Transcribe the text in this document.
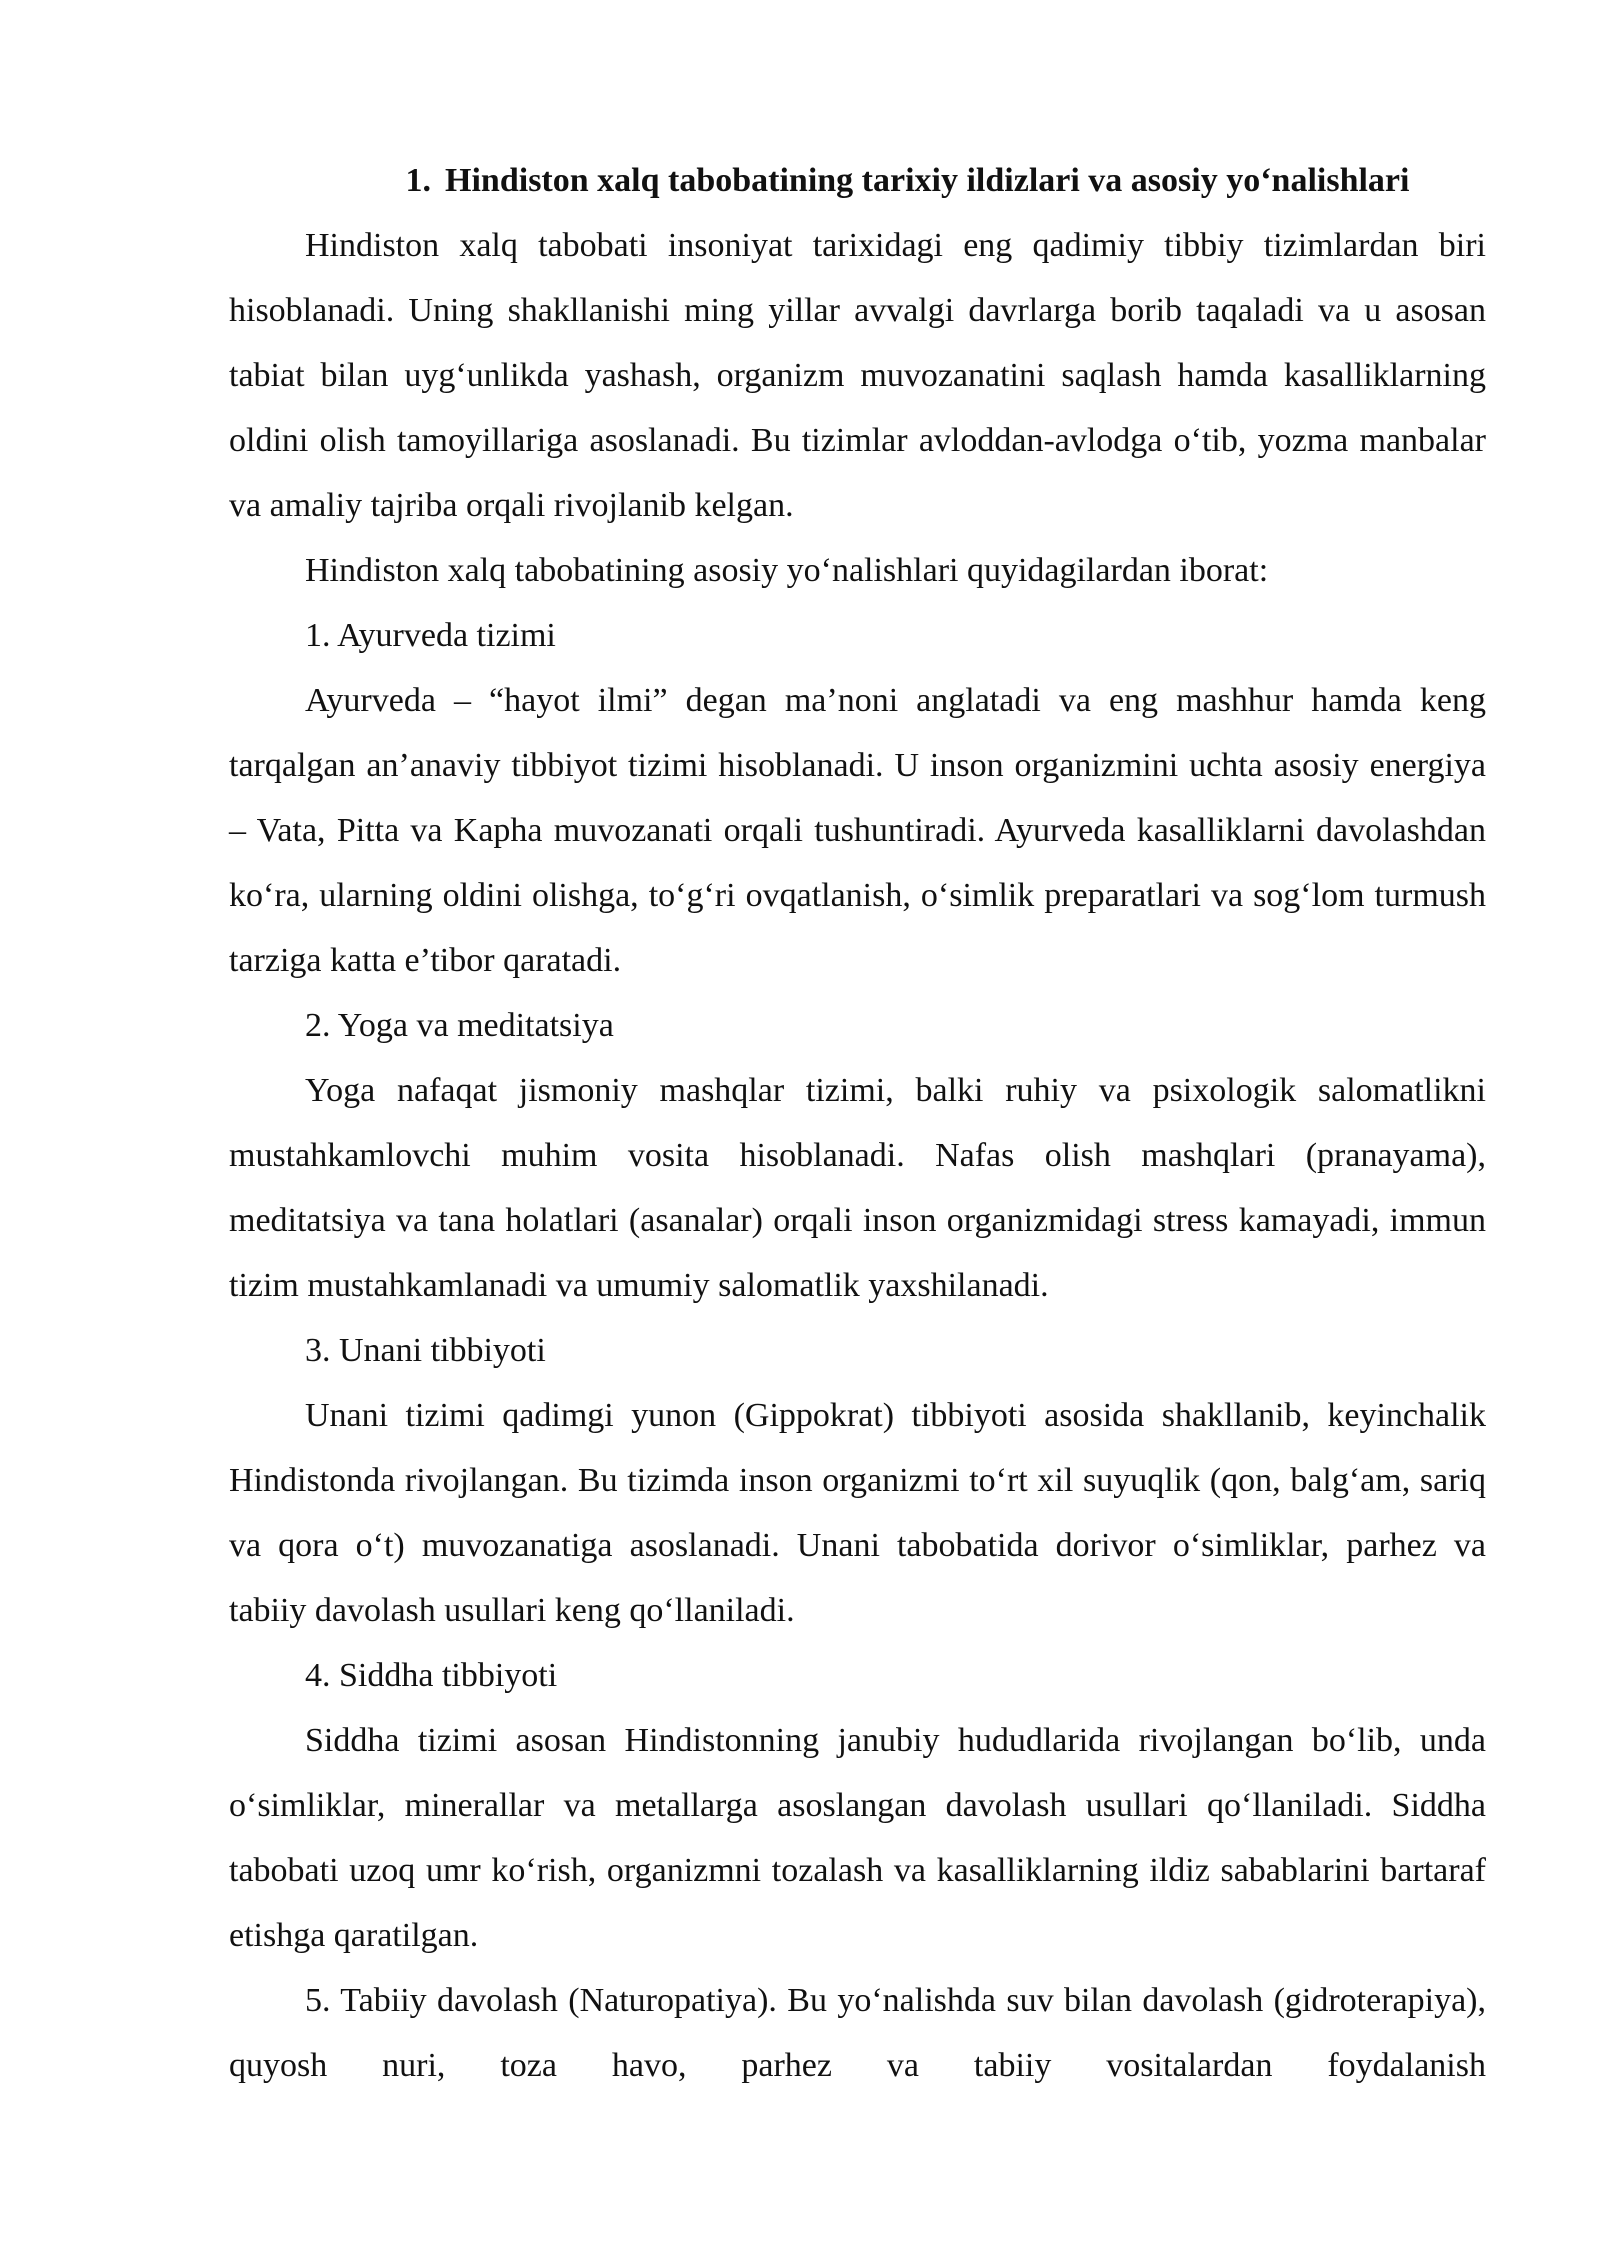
1. Hindiston xalq tabobatining tarixiy ildizlari va asosiy yo‘nalishlari

Hindiston xalq tabobati insoniyat tarixidagi eng qadimiy tibbiy tizimlardan biri hisoblanadi. Uning shakllanishi ming yillar avvalgi davrlarga borib taqaladi va u asosan tabiat bilan uyg‘unlikda yashash, organizm muvozanatini saqlash hamda kasalliklarning oldini olish tamoyillariga asoslanadi. Bu tizimlar avloddan-avlodga o‘tib, yozma manbalar va amaliy tajriba orqali rivojlanib kelgan.

Hindiston xalq tabobatining asosiy yo‘nalishlari quyidagilardan iborat:

1. Ayurveda tizimi

Ayurveda – “hayot ilmi” degan ma’noni anglatadi va eng mashhur hamda keng tarqalgan an’anaviy tibbiyot tizimi hisoblanadi. U inson organizmini uchta asosiy energiya – Vata, Pitta va Kapha muvozanati orqali tushuntiradi. Ayurveda kasalliklarni davolashdan ko‘ra, ularning oldini olishga, to‘g‘ri ovqatlanish, o‘simlik preparatlari va sog‘lom turmush tarziga katta e’tibor qaratadi.

2. Yoga va meditatsiya

Yoga nafaqat jismoniy mashqlar tizimi, balki ruhiy va psixologik salomatlikni mustahkamlovchi muhim vosita hisoblanadi. Nafas olish mashqlari (pranayama), meditatsiya va tana holatlari (asanalar) orqali inson organizmidagi stress kamayadi, immun tizim mustahkamlanadi va umumiy salomatlik yaxshilanadi.

3. Unani tibbiyoti

Unani tizimi qadimgi yunon (Gippokrat) tibbiyoti asosida shakllanib, keyinchalik Hindistonda rivojlangan. Bu tizimda inson organizmi to‘rt xil suyuqlik (qon, balg‘am, sariq va qora o‘t) muvozanatiga asoslanadi. Unani tabobatida dorivor o‘simliklar, parhez va tabiiy davolash usullari keng qo‘llaniladi.

4. Siddha tibbiyoti

Siddha tizimi asosan Hindistonning janubiy hududlarida rivojlangan bo‘lib, unda o‘simliklar, minerallar va metallarga asoslangan davolash usullari qo‘llaniladi. Siddha tabobati uzoq umr ko‘rish, organizmni tozalash va kasalliklarning ildiz sabablarini bartaraf etishga qaratilgan.

5. Tabiiy davolash (Naturopatiya). Bu yo‘nalishda suv bilan davolash (gidroterapiya), quyosh nuri, toza havo, parhez va tabiiy vositalardan foydalanish
